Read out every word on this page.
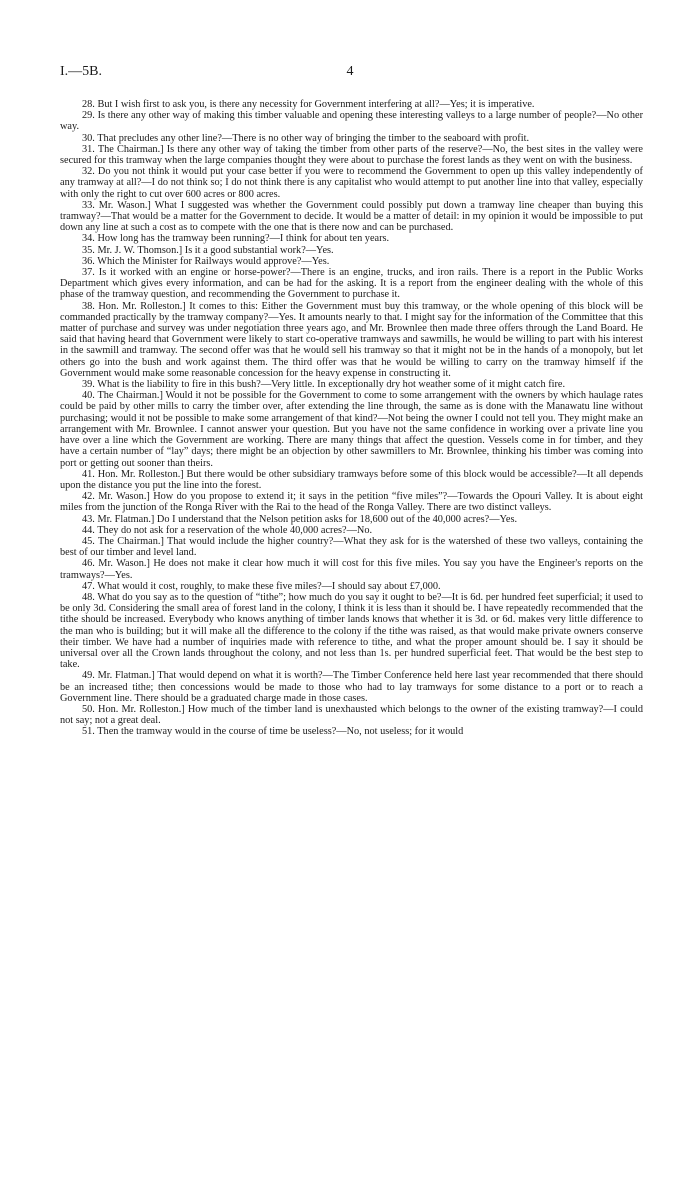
I.—5B.	4

28. But I wish first to ask you, is there any necessity for Government interfering at all?—Yes; it is imperative.

29. Is there any other way of making this timber valuable and opening these interesting valleys to a large number of people?—No other way.

30. That precludes any other line?—There is no other way of bringing the timber to the seaboard with profit.

31. The Chairman.] Is there any other way of taking the timber from other parts of the reserve?—No, the best sites in the valley were secured for this tramway when the large companies thought they were about to purchase the forest lands as they went on with the business.

32. Do you not think it would put your case better if you were to recommend the Government to open up this valley independently of any tramway at all?—I do not think so; I do not think there is any capitalist who would attempt to put another line into that valley, especially with only the right to cut over 600 acres or 800 acres.

33. Mr. Wason.] What I suggested was whether the Government could possibly put down a tramway line cheaper than buying this tramway?—That would be a matter for the Government to decide. It would be a matter of detail: in my opinion it would be impossible to put down any line at such a cost as to compete with the one that is there now and can be purchased.

34. How long has the tramway been running?—I think for about ten years.

35. Mr. J. W. Thomson.] Is it a good substantial work?—Yes.

36. Which the Minister for Railways would approve?—Yes.

37. Is it worked with an engine or horse-power?—There is an engine, trucks, and iron rails. There is a report in the Public Works Department which gives every information, and can be had for the asking. It is a report from the engineer dealing with the whole of this phase of the tramway question, and recommending the Government to purchase it.

38. Hon. Mr. Rolleston.] It comes to this: Either the Government must buy this tramway, or the whole opening of this block will be commanded practically by the tramway company?—Yes. It amounts nearly to that. I might say for the information of the Committee that this matter of purchase and survey was under negotiation three years ago, and Mr. Brownlee then made three offers through the Land Board. He said that having heard that Government were likely to start co-operative tramways and sawmills, he would be willing to part with his interest in the sawmill and tramway. The second offer was that he would sell his tramway so that it might not be in the hands of a monopoly, but let others go into the bush and work against them. The third offer was that he would be willing to carry on the tramway himself if the Government would make some reasonable concession for the heavy expense in constructing it.

39. What is the liability to fire in this bush?—Very little. In exceptionally dry hot weather some of it might catch fire.

40. The Chairman.] Would it not be possible for the Government to come to some arrangement with the owners by which haulage rates could be paid by other mills to carry the timber over, after extending the line through, the same as is done with the Manawatu line without purchasing; would it not be possible to make some arrangement of that kind?—Not being the owner I could not tell you. They might make an arrangement with Mr. Brownlee. I cannot answer your question. But you have not the same confidence in working over a private line you have over a line which the Government are working. There are many things that affect the question. Vessels come in for timber, and they have a certain number of “lay” days; there might be an objection by other sawmillers to Mr. Brownlee, thinking his timber was coming into port or getting out sooner than theirs.

41. Hon. Mr. Rolleston.] But there would be other subsidiary tramways before some of this block would be accessible?—It all depends upon the distance you put the line into the forest.

42. Mr. Wason.] How do you propose to extend it; it says in the petition “five miles”?—Towards the Opouri Valley. It is about eight miles from the junction of the Ronga River with the Rai to the head of the Ronga Valley. There are two distinct valleys.

43. Mr. Flatman.] Do I understand that the Nelson petition asks for 18,600 out of the 40,000 acres?—Yes.

44. They do not ask for a reservation of the whole 40,000 acres?—No.

45. The Chairman.] That would include the higher country?—What they ask for is the watershed of these two valleys, containing the best of our timber and level land.

46. Mr. Wason.] He does not make it clear how much it will cost for this five miles. You say you have the Engineer's reports on the tramways?—Yes.

47. What would it cost, roughly, to make these five miles?—I should say about £7,000.

48. What do you say as to the question of “tithe”; how much do you say it ought to be?—It is 6d. per hundred feet superficial; it used to be only 3d. Considering the small area of forest land in the colony, I think it is less than it should be. I have repeatedly recommended that the tithe should be increased. Everybody who knows anything of timber lands knows that whether it is 3d. or 6d. makes very little difference to the man who is building; but it will make all the difference to the colony if the tithe was raised, as that would make private owners conserve their timber. We have had a number of inquiries made with reference to tithe, and what the proper amount should be. I say it should be universal over all the Crown lands throughout the colony, and not less than 1s. per hundred superficial feet. That would be the best step to take.

49. Mr. Flatman.] That would depend on what it is worth?—The Timber Conference held here last year recommended that there should be an increased tithe; then concessions would be made to those who had to lay tramways for some distance to a port or to reach a Government line. There should be a graduated charge made in those cases.

50. Hon. Mr. Rolleston.] How much of the timber land is unexhausted which belongs to the owner of the existing tramway?—I could not say; not a great deal.

51. Then the tramway would in the course of time be useless?—No, not useless; for it would
